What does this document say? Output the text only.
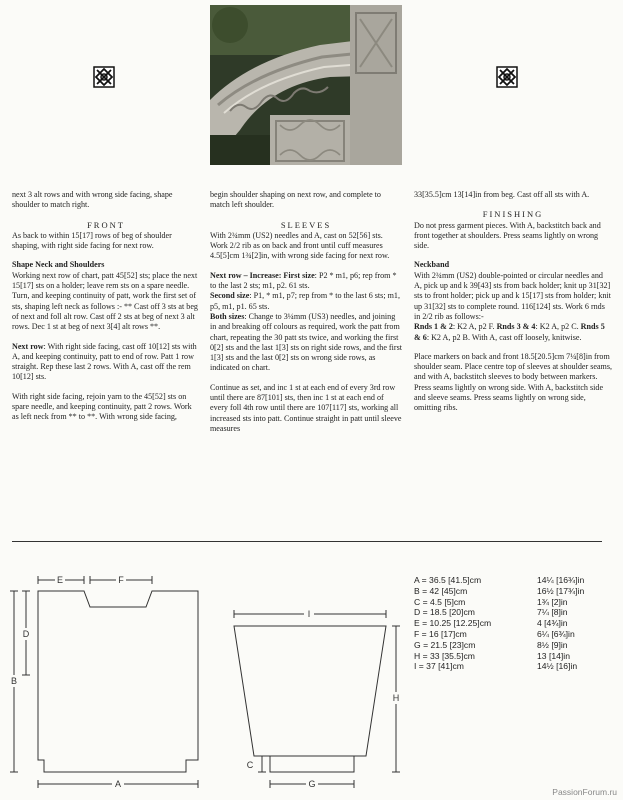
next 3 alt rows and with wrong side facing, shape shoulder to match right.

FRONT

As back to within 15[17] rows of beg of shoulder shaping, with right side facing for next row.

Shape Neck and Shoulders

Working next row of chart, patt 45[52] sts; place the next 15[17] sts on a holder; leave rem sts on a spare needle. Turn, and keeping continuity of patt, work the first set of sts, shaping left neck as follows :- ** Cast off 3 sts at beg of next and foll alt row. Cast off 2 sts at beg of next 3 alt rows. Dec 1 st at beg of next 3[4] alt rows **.

Next row: With right side facing, cast off 10[12] sts with A, and keeping continuity, patt to end of row. Patt 1 row straight. Rep these last 2 rows. With A, cast off the rem 10[12] sts.

With right side facing, rejoin yarn to the 45[52] sts on spare needle, and keeping continuity, patt 2 rows. Work as left neck from ** to **. With wrong side facing,

begin shoulder shaping on next row, and complete to match left shoulder.

SLEEVES

With 2¾mm (US2) needles and A, cast on 52[56] sts. Work 2/2 rib as on back and front until cuff measures 4.5[5]cm 1¾[2]in, with wrong side facing for next row.

Next row – Increase: First size: P2 * m1, p6; rep from * to the last 2 sts; m1, p2. 61 sts.
Second size: P1, * m1, p7; rep from * to the last 6 sts; m1, p5, m1, p1. 65 sts.
Both sizes: Change to 3¼mm (US3) needles, and joining in and breaking off colours as required, work the patt from chart, repeating the 30 patt sts twice, and working the first 0[2] sts and the last 1[3] sts on right side rows, and the first 1[3] sts and the last 0[2] sts on wrong side rows, as indicated on chart.

Continue as set, and inc 1 st at each end of every 3rd row until there are 87[101] sts, then inc 1 st at each end of every foll 4th row until there are 107[117] sts, working all increased sts into patt. Continue straight in patt until sleeve measures

33[35.5]cm 13[14]in from beg. Cast off all sts with A.

FINISHING

Do not press garment pieces. With A, backstitch back and front together at shoulders. Press seams lightly on wrong side.

Neckband

With 2¾mm (US2) double-pointed or circular needles and A, pick up and k 39[43] sts from back holder; knit up 31[32] sts to front holder; pick up and k 15[17] sts from holder; knit up 31[32] sts to complete round. 116[124] sts. Work 6 rnds in 2/2 rib as follows:-

Rnds 1 & 2: K2 A, p2 F. Rnds 3 & 4: K2 A, p2 C. Rnds 5 & 6: K2 A, p2 B. With A, cast off loosely, knitwise.

Place markers on back and front 18.5[20.5]cm 7¼[8]in from shoulder seam. Place centre top of sleeves at shoulder seams, and with A, backstitch sleeves to body between markers. Press seams lightly on wrong side. With A, backstitch side and sleeve seams. Press seams lightly on wrong side, omitting ribs.

E	F
D
B
A
I
H
C
G
A = 36.5 [41.5]cm
B = 42 [45]cm
C = 4.5 [5]cm
D = 18.5 [20]cm
E = 10.25 [12.25]cm
F = 16 [17]cm
G = 21.5 [23]cm
H = 33 [35.5]cm
I = 37 [41]cm
14¼ [16¾]in
16½ [17¾]in
1¾ [2]in
7¼ [8]in
4 [4¾]in
6¼ [6¾]in
8½ [9]in
13 [14]in
14½ [16]in
PassionForum.ru
